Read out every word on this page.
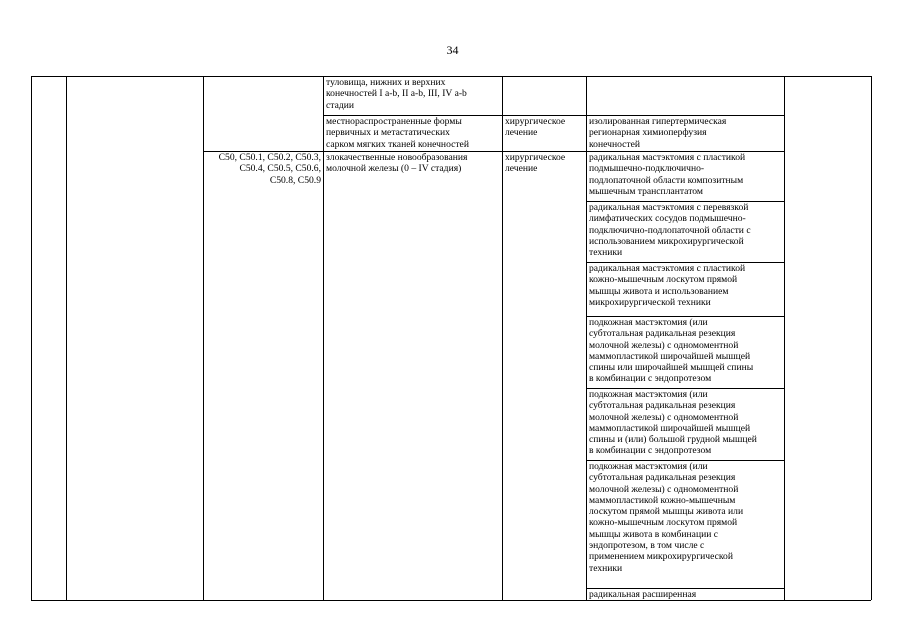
34
туловища, нижних и верхних
конечностей I a-b, II a-b, III, IV a-b
стадии
местнораспространенные формы
первичных и метастатических
сарком мягких тканей конечностей
хирургическое
лечение
изолированная гипертермическая
регионарная химиоперфузия
конечностей
C50, C50.1, C50.2, C50.3,
C50.4, C50.5, C50.6,
C50.8, C50.9
злокачественные новообразования
молочной железы (0 – IV стадия)
хирургическое
лечение
радикальная мастэктомия с пластикой
подмышечно-подключично-
подлопаточной области композитным
мышечным трансплантатом
радикальная мастэктомия с перевязкой
лимфатических сосудов подмышечно-
подключично-подлопаточной области с
использованием микрохирургической
техники
радикальная мастэктомия с пластикой
кожно-мышечным лоскутом прямой
мышцы живота и использованием
микрохирургической техники
подкожная мастэктомия (или
субтотальная радикальная резекция
молочной железы) с одномоментной
маммопластикой широчайшей мышцей
спины или широчайшей мышцей спины
в комбинации с эндопротезом
подкожная мастэктомия (или
субтотальная радикальная резекция
молочной железы) с одномоментной
маммопластикой широчайшей мышцей
спины и (или) большой грудной мышцей
в комбинации с эндопротезом
подкожная мастэктомия (или
субтотальная радикальная резекция
молочной железы) с одномоментной
маммопластикой кожно-мышечным
лоскутом прямой мышцы живота или
кожно-мышечным лоскутом прямой
мышцы живота в комбинации с
эндопротезом, в том числе с
применением микрохирургической
техники
радикальная расширенная
